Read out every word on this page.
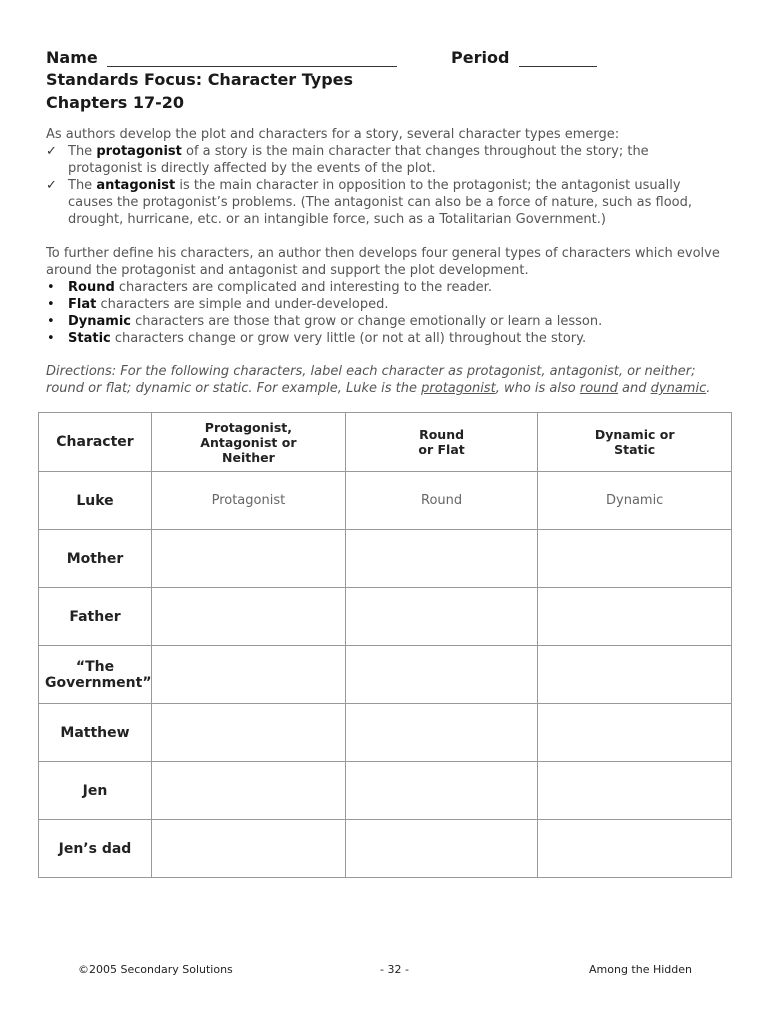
Name	Period
Standards Focus: Character Types
Chapters 17-20
As authors develop the plot and characters for a story, several character types emerge:
✓ The protagonist of a story is the main character that changes throughout the story; the protagonist is directly affected by the events of the plot.
✓ The antagonist is the main character in opposition to the protagonist; the antagonist usually causes the protagonist’s problems. (The antagonist can also be a force of nature, such as flood, drought, hurricane, etc. or an intangible force, such as a Totalitarian Government.)
To further define his characters, an author then develops four general types of characters which evolve around the protagonist and antagonist and support the plot development.
• Round characters are complicated and interesting to the reader.
• Flat characters are simple and under-developed.
• Dynamic characters are those that grow or change emotionally or learn a lesson.
• Static characters change or grow very little (or not at all) throughout the story.
Directions: For the following characters, label each character as protagonist, antagonist, or neither; round or flat; dynamic or static. For example, Luke is the protagonist, who is also round and dynamic.
Character	Protagonist, Antagonist or Neither	Round or Flat	Dynamic or Static

Luke	Protagonist	Round	Dynamic
Mother			
Father			

“The Government”			

Matthew			
Jen			
Jen’s dad			
©2005 Secondary Solutions	- 32 -	Among the Hidden
